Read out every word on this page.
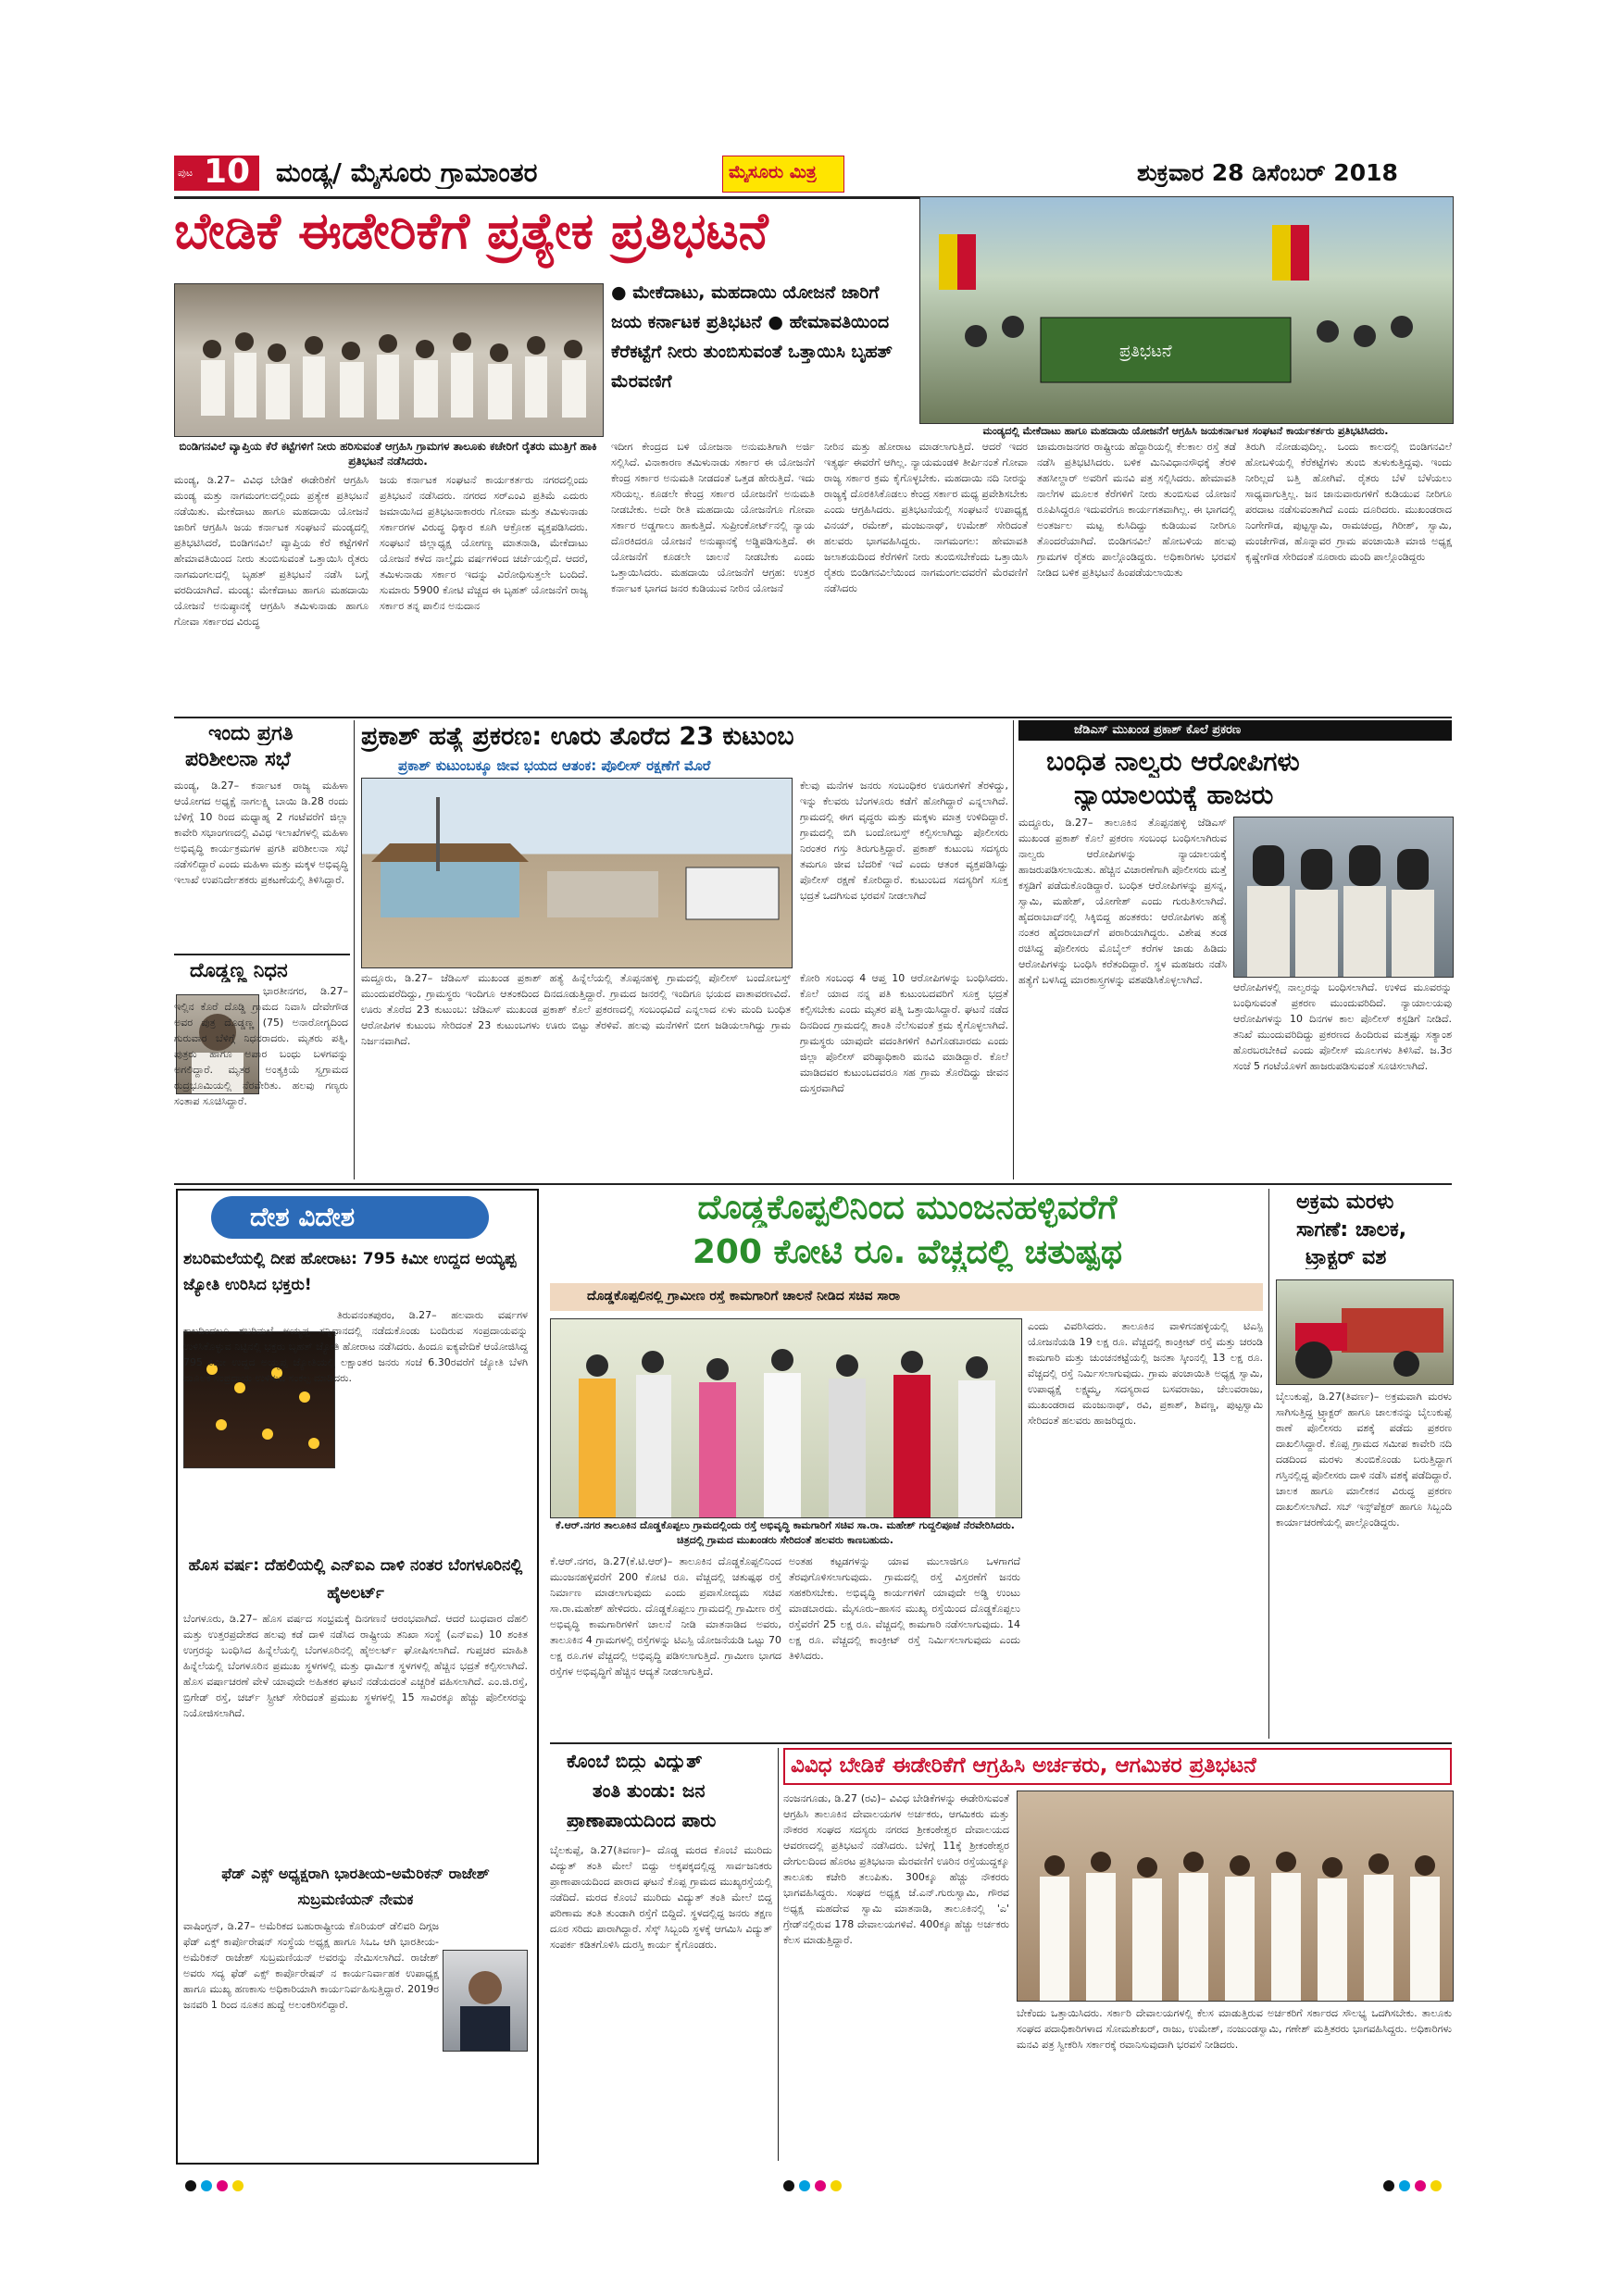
ಪುಟ 10 ಮಂಡ್ಯ/ ಮೈಸೂರು ಗ್ರಾಮಾಂತರ	ಮೈಸೂರು ಮಿತ್ರ	ಶುಕ್ರವಾರ 28 ಡಿಸೆಂಬರ್ 2018
ಬೇಡಿಕೆ ಈಡೇರಿಕೆಗೆ ಪ್ರತ್ಯೇಕ ಪ್ರತಿಭಟನೆ
ಬಿಂಡಿಗನವಿಲೆ ವ್ಯಾಪ್ತಿಯ ಕೆರೆ ಕಟ್ಟೆಗಳಿಗೆ ನೀರು ಹರಿಸುವಂತೆ ಆಗ್ರಹಿಸಿ ಗ್ರಾಮಗಳ ತಾಲೂಕು ಕಚೇರಿಗೆ ರೈತರು ಮುತ್ತಿಗೆ ಹಾಕಿ ಪ್ರತಿಭಟನೆ ನಡೆಸಿದರು.
● ಮೇಕೆದಾಟು, ಮಹದಾಯಿ ಯೋಜನೆ ಜಾರಿಗೆ ಜಯ ಕರ್ನಾಟಕ ಪ್ರತಿಭಟನೆ ● ಹೇಮಾವತಿಯಿಂದ ಕೆರೆಕಟ್ಟೆಗೆ ನೀರು ತುಂಬಿಸುವಂತೆ ಒತ್ತಾಯಿಸಿ ಬೃಹತ್ ಮೆರವಣಿಗೆ
ಪ್ರತಿಭಟನೆ
ಮಂಡ್ಯದಲ್ಲಿ ಮೇಕೆದಾಟು ಹಾಗೂ ಮಹದಾಯಿ ಯೋಜನೆಗೆ ಆಗ್ರಹಿಸಿ ಜಯಕರ್ನಾಟಕ ಸಂಘಟನೆ ಕಾರ್ಯಕರ್ತರು ಪ್ರತಿಭಟಿಸಿದರು.
ಮಂಡ್ಯ, ಡಿ.27– ವಿವಿಧ ಬೇಡಿಕೆ ಈಡೇರಿಕೆಗೆ ಆಗ್ರಹಿಸಿ ಮಂಡ್ಯ ಮತ್ತು ನಾಗಮಂಗಲದಲ್ಲಿಂದು ಪ್ರತ್ಯೇಕ ಪ್ರತಿಭಟನೆ ನಡೆಯಿತು. ಮೇಕೆದಾಟು ಹಾಗೂ ಮಹದಾಯಿ ಯೋಜನೆ ಜಾರಿಗೆ ಆಗ್ರಹಿಸಿ ಜಯ ಕರ್ನಾಟಕ ಸಂಘಟನೆ ಮಂಡ್ಯದಲ್ಲಿ ಪ್ರತಿಭಟಿಸಿದರೆ, ಬಿಂಡಿಗನವಿಲೆ ವ್ಯಾಪ್ತಿಯ ಕೆರೆ ಕಟ್ಟೆಗಳಿಗೆ ಹೇಮಾವತಿಯಿಂದ ನೀರು ತುಂಬಿಸುವಂತೆ ಒತ್ತಾಯಿಸಿ ರೈತರು ನಾಗಮಂಗಲದಲ್ಲಿ ಬೃಹತ್ ಪ್ರತಿಭಟನೆ ನಡೆಸಿ ಬಗ್ಗೆ ವರದಿಯಾಗಿದೆ. ಮಂಡ್ಯ: ಮೇಕೆದಾಟು ಹಾಗೂ ಮಹದಾಯಿ ಯೋಜನೆ ಅನುಷ್ಠಾನಕ್ಕೆ ಆಗ್ರಹಿಸಿ ತಮಿಳುನಾಡು ಹಾಗೂ ಗೋವಾ ಸರ್ಕಾರದ ವಿರುದ್ಧ
ಜಯ ಕರ್ನಾಟಕ ಸಂಘಟನೆ ಕಾರ್ಯಕರ್ತರು ನಗರದಲ್ಲಿಂದು ಪ್ರತಿಭಟನೆ ನಡೆಸಿದರು. ನಗರದ ಸರ್‌ಎಂವಿ ಪ್ರತಿಮೆ ಎದುರು ಜಮಾಯಿಸಿದ ಪ್ರತಿಭಟನಾಕಾರರು ಗೋವಾ ಮತ್ತು ತಮಿಳುನಾಡು ಸರ್ಕಾರಗಳ ವಿರುದ್ಧ ಧಿಕ್ಕಾರ ಕೂಗಿ ಆಕ್ರೋಶ ವ್ಯಕ್ತಪಡಿಸಿದರು. ಸಂಘಟನೆ ಜಿಲ್ಲಾಧ್ಯಕ್ಷ ಯೋಗಣ್ಣ ಮಾತನಾಡಿ, ಮೇಕೆದಾಟು ಯೋಜನೆ ಕಳೆದ ನಾಲ್ಕೈದು ವರ್ಷಗಳಿಂದ ಚರ್ಚೆಯಲ್ಲಿದೆ. ಆದರೆ, ತಮಿಳುನಾಡು ಸರ್ಕಾರ ಇದನ್ನು ವಿರೋಧಿಸುತ್ತಲೇ ಬಂದಿದೆ. ಸುಮಾರು 5900 ಕೋಟಿ ವೆಚ್ಚದ ಈ ಬೃಹತ್ ಯೋಜನೆಗೆ ರಾಜ್ಯ ಸರ್ಕಾರ ತನ್ನ ಪಾಲಿನ ಅನುದಾನ
ಇದೀಗ ಕೇಂದ್ರದ ಬಳಿ ಯೋಜನಾ ಅನುಮತಿಗಾಗಿ ಅರ್ಜಿ ಸಲ್ಲಿಸಿದೆ. ವಿನಾಕಾರಣ ತಮಿಳುನಾಡು ಸರ್ಕಾರ ಈ ಯೋಜನೆಗೆ ಕೇಂದ್ರ ಸರ್ಕಾರ ಅನುಮತಿ ನೀಡದಂತೆ ಒತ್ತಡ ಹೇರುತ್ತಿದೆ. ಇದು ಸರಿಯಲ್ಲ. ಕೂಡಲೇ ಕೇಂದ್ರ ಸರ್ಕಾರ ಯೋಜನೆಗೆ ಅನುಮತಿ ನೀಡಬೇಕು. ಅದೇ ರೀತಿ ಮಹದಾಯಿ ಯೋಜನೆಗೂ ಗೋವಾ ಸರ್ಕಾರ ಅಡ್ಡಗಾಲು ಹಾಕುತ್ತಿದೆ. ಸುಪ್ರೀಂಕೋರ್ಟ್‌ನಲ್ಲಿ ನ್ಯಾಯ ದೊರಕಿದರೂ ಯೋಜನೆ ಅನುಷ್ಠಾನಕ್ಕೆ ಅಡ್ಡಿಪಡಿಸುತ್ತಿದೆ. ಈ ಯೋಜನೆಗೆ ಕೂಡಲೇ ಚಾಲನೆ ನೀಡಬೇಕು ಎಂದು ಒತ್ತಾಯಿಸಿದರು. ಮಹದಾಯಿ ಯೋಜನೆಗೆ ಆಗ್ರಹ: ಉತ್ತರ ಕರ್ನಾಟಕ ಭಾಗದ ಜನರ ಕುಡಿಯುವ ನೀರಿನ ಯೋಜನೆ
ನೀರಿನ ಮತ್ತು ಹೋರಾಟ ಮಾಡಲಾಗುತ್ತಿದೆ. ಆದರೆ ಇದರ ಇತ್ಯರ್ಥ ಈವರೆಗೆ ಆಗಿಲ್ಲ. ನ್ಯಾಯಮಂಡಳಿ ತೀರ್ಪಿನಂತೆ ಗೋವಾ ರಾಜ್ಯ ಸರ್ಕಾರ ಕ್ರಮ ಕೈಗೊಳ್ಳಬೇಕು. ಮಹದಾಯಿ ನದಿ ನೀರನ್ನು ರಾಜ್ಯಕ್ಕೆ ದೊರಕಿಸಿಕೊಡಲು ಕೇಂದ್ರ ಸರ್ಕಾರ ಮಧ್ಯ ಪ್ರವೇಶಿಸಬೇಕು ಎಂದು ಆಗ್ರಹಿಸಿದರು. ಪ್ರತಿಭಟನೆಯಲ್ಲಿ ಸಂಘಟನೆ ಉಪಾಧ್ಯಕ್ಷ ವಿನಯ್, ರಮೇಶ್, ಮಂಜುನಾಥ್, ಉಮೇಶ್ ಸೇರಿದಂತೆ ಹಲವರು ಭಾಗವಹಿಸಿದ್ದರು. ನಾಗಮಂಗಲ: ಹೇಮಾವತಿ ಜಲಾಶಯದಿಂದ ಕೆರೆಗಳಿಗೆ ನೀರು ತುಂಬಿಸಬೇಕೆಂದು ಒತ್ತಾಯಿಸಿ ರೈತರು ಬಿಂಡಿಗನವಿಲೆಯಿಂದ ನಾಗಮಂಗಲದವರೆಗೆ ಮೆರವಣಿಗೆ ನಡೆಸಿದರು
ಚಾಮರಾಜನಗರ ರಾಷ್ಟ್ರೀಯ ಹೆದ್ದಾರಿಯಲ್ಲಿ ಕೆಲಕಾಲ ರಸ್ತೆ ತಡೆ ನಡೆಸಿ ಪ್ರತಿಭಟಿಸಿದರು. ಬಳಿಕ ಮಿನಿವಿಧಾನಸೌಧಕ್ಕೆ ತೆರಳಿ ತಹಸೀಲ್ದಾರ್ ಅವರಿಗೆ ಮನವಿ ಪತ್ರ ಸಲ್ಲಿಸಿದರು. ಹೇಮಾವತಿ ನಾಲೆಗಳ ಮೂಲಕ ಕೆರೆಗಳಿಗೆ ನೀರು ತುಂಬಿಸುವ ಯೋಜನೆ ರೂಪಿಸಿದ್ದರೂ ಇದುವರೆಗೂ ಕಾರ್ಯಗತವಾಗಿಲ್ಲ. ಈ ಭಾಗದಲ್ಲಿ ಅಂತರ್ಜಲ ಮಟ್ಟ ಕುಸಿದಿದ್ದು ಕುಡಿಯುವ ನೀರಿಗೂ ತೊಂದರೆಯಾಗಿದೆ. ಬಿಂಡಿಗನವಿಲೆ ಹೋಬಳಿಯ ಹಲವು ಗ್ರಾಮಗಳ ರೈತರು ಪಾಲ್ಗೊಂಡಿದ್ದರು. ಅಧಿಕಾರಿಗಳು ಭರವಸೆ ನೀಡಿದ ಬಳಿಕ ಪ್ರತಿಭಟನೆ ಹಿಂಪಡೆಯಲಾಯಿತು
ತಿರುಗಿ ನೋಡುವುದಿಲ್ಲ. ಒಂದು ಕಾಲದಲ್ಲಿ ಬಿಂಡಿಗನವಿಲೆ ಹೋಬಳಿಯಲ್ಲಿ ಕೆರೆಕಟ್ಟೆಗಳು ತುಂಬಿ ತುಳುಕುತ್ತಿದ್ದವು. ಇಂದು ನೀರಿಲ್ಲದೆ ಬತ್ತಿ ಹೋಗಿವೆ. ರೈತರು ಬೆಳೆ ಬೆಳೆಯಲು ಸಾಧ್ಯವಾಗುತ್ತಿಲ್ಲ. ಜನ ಜಾನುವಾರುಗಳಿಗೆ ಕುಡಿಯುವ ನೀರಿಗೂ ಪರದಾಟ ನಡೆಸುವಂತಾಗಿದೆ ಎಂದು ದೂರಿದರು. ಮುಖಂಡರಾದ ನಿಂಗೇಗೌಡ, ಪುಟ್ಟಸ್ವಾಮಿ, ರಾಮಚಂದ್ರ, ಗಿರೀಶ್, ಸ್ವಾಮಿ, ಮಂಜೇಗೌಡ, ಹೊನ್ನಾವರ ಗ್ರಾಮ ಪಂಚಾಯಿತಿ ಮಾಜಿ ಅಧ್ಯಕ್ಷ ಕೃಷ್ಣೇಗೌಡ ಸೇರಿದಂತೆ ನೂರಾರು ಮಂದಿ ಪಾಲ್ಗೊಂಡಿದ್ದರು
ಇಂದು ಪ್ರಗತಿ
ಪರಿಶೀಲನಾ ಸಭೆ
ಮಂಡ್ಯ, ಡಿ.27– ಕರ್ನಾಟಕ ರಾಜ್ಯ ಮಹಿಳಾ ಆಯೋಗದ ಅಧ್ಯಕ್ಷೆ ನಾಗಲಕ್ಷ್ಮಿ ಬಾಯಿ ಡಿ.28 ರಂದು ಬೆಳಿಗ್ಗೆ 10 ರಿಂದ ಮಧ್ಯಾಹ್ನ 2 ಗಂಟೆವರೆಗೆ ಜಿಲ್ಲಾ ಕಾವೇರಿ ಸಭಾಂಗಣದಲ್ಲಿ ವಿವಿಧ ಇಲಾಖೆಗಳಲ್ಲಿ ಮಹಿಳಾ ಅಭಿವೃದ್ಧಿ ಕಾರ್ಯಕ್ರಮಗಳ ಪ್ರಗತಿ ಪರಿಶೀಲನಾ ಸಭೆ ನಡೆಸಲಿದ್ದಾರೆ ಎಂದು ಮಹಿಳಾ ಮತ್ತು ಮಕ್ಕಳ ಅಭಿವೃದ್ಧಿ ಇಲಾಖೆ ಉಪನಿರ್ದೇಶಕರು ಪ್ರಕಟಣೆಯಲ್ಲಿ ತಿಳಿಸಿದ್ದಾರೆ.
ದೊಡ್ಡಣ್ಣ ನಿಧನ
ಭಾರತೀನಗರ, ಡಿ.27– ಇಲ್ಲಿನ ಕೊರೆ ದೊಡ್ಡಿ ಗ್ರಾಮದ ನಿವಾಸಿ ದೇವೇಗೌಡ ಅವರ ಪುತ್ರ ದೊಡ್ಡಣ್ಣ (75) ಅನಾರೋಗ್ಯದಿಂದ ಗುರುವಾರ ಬೆಳಿಗ್ಗೆ ನಿಧನರಾದರು. ಮೃತರು ಪತ್ನಿ, ಪುತ್ರರು ಹಾಗೂ ಅಪಾರ ಬಂಧು ಬಳಗವನ್ನು ಅಗಲಿದ್ದಾರೆ. ಮೃತರ ಅಂತ್ಯಕ್ರಿಯೆ ಸ್ವಗ್ರಾಮದ ರುದ್ರಭೂಮಿಯಲ್ಲಿ ನೆರವೇರಿತು. ಹಲವು ಗಣ್ಯರು ಸಂತಾಪ ಸೂಚಿಸಿದ್ದಾರೆ.
ಪ್ರಕಾಶ್ ಹತ್ಯೆ ಪ್ರಕರಣ: ಊರು ತೊರೆದ 23 ಕುಟುಂಬ
ಪ್ರಕಾಶ್ ಕುಟುಂಬಕ್ಕೂ ಜೀವ ಭಯದ ಆತಂಕ: ಪೊಲೀಸ್ ರಕ್ಷಣೆಗೆ ಮೊರೆ
ಮದ್ದೂರು, ಡಿ.27– ಜೆಡಿಎಸ್ ಮುಖಂಡ ಪ್ರಕಾಶ್ ಹತ್ಯೆ ಹಿನ್ನೆಲೆಯಲ್ಲಿ ತೊಪ್ಪನಹಳ್ಳಿ ಗ್ರಾಮದಲ್ಲಿ ಪೊಲೀಸ್ ಬಂದೋಬಸ್ತ್ ಮುಂದುವರೆದಿದ್ದು, ಗ್ರಾಮಸ್ಥರು ಇಂದಿಗೂ ಆತಂಕದಿಂದ ದಿನದೂಡುತ್ತಿದ್ದಾರೆ. ಗ್ರಾಮದ ಜನರಲ್ಲಿ ಇಂದಿಗೂ ಭಯದ ವಾತಾವರಣವಿದೆ. ಊರು ತೊರೆದ 23 ಕುಟುಂಬ: ಜೆಡಿಎಸ್ ಮುಖಂಡ ಪ್ರಕಾಶ್ ಕೊಲೆ ಪ್ರಕರಣದಲ್ಲಿ ಸಂಬಂಧವಿದೆ ಎನ್ನಲಾದ ಏಳು ಮಂದಿ ಬಂಧಿತ ಆರೋಪಿಗಳ ಕುಟುಂಬ ಸೇರಿದಂತೆ 23 ಕುಟುಂಬಗಳು ಊರು ಬಿಟ್ಟು ತೆರಳಿವೆ. ಹಲವು ಮನೆಗಳಿಗೆ ಬೀಗ ಜಡಿಯಲಾಗಿದ್ದು ಗ್ರಾಮ ನಿರ್ಜನವಾಗಿದೆ.
ಕೆಲವು ಮನೆಗಳ ಜನರು ಸಂಬಂಧಿಕರ ಊರುಗಳಿಗೆ ತೆರಳಿದ್ದು, ಇನ್ನು ಕೆಲವರು ಬೆಂಗಳೂರು ಕಡೆಗೆ ಹೋಗಿದ್ದಾರೆ ಎನ್ನಲಾಗಿದೆ. ಗ್ರಾಮದಲ್ಲಿ ಈಗ ವೃದ್ಧರು ಮತ್ತು ಮಕ್ಕಳು ಮಾತ್ರ ಉಳಿದಿದ್ದಾರೆ. ಗ್ರಾಮದಲ್ಲಿ ಬಿಗಿ ಬಂದೋಬಸ್ತ್ ಕಲ್ಪಿಸಲಾಗಿದ್ದು ಪೊಲೀಸರು ನಿರಂತರ ಗಸ್ತು ತಿರುಗುತ್ತಿದ್ದಾರೆ. ಪ್ರಕಾಶ್ ಕುಟುಂಬ ಸದಸ್ಯರು ತಮಗೂ ಜೀವ ಬೆದರಿಕೆ ಇದೆ ಎಂದು ಆತಂಕ ವ್ಯಕ್ತಪಡಿಸಿದ್ದು ಪೊಲೀಸ್ ರಕ್ಷಣೆ ಕೋರಿದ್ದಾರೆ. ಕುಟುಂಬದ ಸದಸ್ಯರಿಗೆ ಸೂಕ್ತ ಭದ್ರತೆ ಒದಗಿಸುವ ಭರವಸೆ ನೀಡಲಾಗಿದೆ
ಕೋರಿ ಸಂಬಂಧ 4 ಆಪ್ತ 10 ಆರೋಪಿಗಳನ್ನು ಬಂಧಿಸಿದರು. ಕೊಲೆ ಯಾದ ನನ್ನ ಪತಿ ಕುಟುಂಬದವರಿಗೆ ಸೂಕ್ತ ಭದ್ರತೆ ಕಲ್ಪಿಸಬೇಕು ಎಂದು ಮೃತರ ಪತ್ನಿ ಒತ್ತಾಯಿಸಿದ್ದಾರೆ. ಘಟನೆ ನಡೆದ ದಿನದಿಂದ ಗ್ರಾಮದಲ್ಲಿ ಶಾಂತಿ ನೆಲೆಸುವಂತೆ ಕ್ರಮ ಕೈಗೊಳ್ಳಲಾಗಿದೆ. ಗ್ರಾಮಸ್ಥರು ಯಾವುದೇ ವದಂತಿಗಳಿಗೆ ಕಿವಿಗೊಡಬಾರದು ಎಂದು ಜಿಲ್ಲಾ ಪೊಲೀಸ್ ವರಿಷ್ಠಾಧಿಕಾರಿ ಮನವಿ ಮಾಡಿದ್ದಾರೆ. ಕೊಲೆ ಮಾಡಿದವರ ಕುಟುಂಬದವರೂ ಸಹ ಗ್ರಾಮ ತೊರೆದಿದ್ದು ಜೀವನ ದುಸ್ತರವಾಗಿದೆ
ಜೆಡಿಎಸ್ ಮುಖಂಡ ಪ್ರಕಾಶ್ ಕೊಲೆ ಪ್ರಕರಣ
ಬಂಧಿತ ನಾಲ್ವರು ಆರೋಪಿಗಳು
ನ್ಯಾಯಾಲಯಕ್ಕೆ ಹಾಜರು
ಮದ್ದೂರು, ಡಿ.27– ತಾಲೂಕಿನ ತೊಪ್ಪನಹಳ್ಳಿ ಜೆಡಿಎಸ್ ಮುಖಂಡ ಪ್ರಕಾಶ್ ಕೊಲೆ ಪ್ರಕರಣ ಸಂಬಂಧ ಬಂಧಿಸಲಾಗಿರುವ ನಾಲ್ವರು ಆರೋಪಿಗಳನ್ನು ನ್ಯಾಯಾಲಯಕ್ಕೆ ಹಾಜರುಪಡಿಸಲಾಯಿತು. ಹೆಚ್ಚಿನ ವಿಚಾರಣೆಗಾಗಿ ಪೊಲೀಸರು ಮತ್ತೆ ಕಸ್ಟಡಿಗೆ ಪಡೆದುಕೊಂಡಿದ್ದಾರೆ. ಬಂಧಿತ ಆರೋಪಿಗಳನ್ನು ಪ್ರಸನ್ನ, ಸ್ವಾಮಿ, ಮಹೇಶ್, ಯೋಗೇಶ್ ಎಂದು ಗುರುತಿಸಲಾಗಿದೆ. ಹೈದರಾಬಾದ್‌ನಲ್ಲಿ ಸಿಕ್ಕಿಬಿದ್ದ ಹಂತಕರು: ಆರೋಪಿಗಳು ಹತ್ಯೆ ನಂತರ ಹೈದರಾಬಾದ್‌ಗೆ ಪರಾರಿಯಾಗಿದ್ದರು. ವಿಶೇಷ ತಂಡ ರಚಿಸಿದ್ದ ಪೊಲೀಸರು ಮೊಬೈಲ್ ಕರೆಗಳ ಜಾಡು ಹಿಡಿದು ಆರೋಪಿಗಳನ್ನು ಬಂಧಿಸಿ ಕರೆತಂದಿದ್ದಾರೆ. ಸ್ಥಳ ಮಹಜರು ನಡೆಸಿ ಹತ್ಯೆಗೆ ಬಳಸಿದ್ದ ಮಾರಕಾಸ್ತ್ರಗಳನ್ನು ವಶಪಡಿಸಿಕೊಳ್ಳಲಾಗಿದೆ.
ಆರೋಪಿಗಳಲ್ಲಿ ನಾಲ್ವರನ್ನು ಬಂಧಿಸಲಾಗಿದೆ. ಉಳಿದ ಮೂವರನ್ನು ಬಂಧಿಸುವಂತೆ ಪ್ರಕರಣ ಮುಂದುವರಿದಿದೆ. ನ್ಯಾಯಾಲಯವು ಆರೋಪಿಗಳನ್ನು 10 ದಿನಗಳ ಕಾಲ ಪೊಲೀಸ್ ಕಸ್ಟಡಿಗೆ ನೀಡಿದೆ. ತನಿಖೆ ಮುಂದುವರಿದಿದ್ದು ಪ್ರಕರಣದ ಹಿಂದಿರುವ ಮತ್ತಷ್ಟು ಸತ್ಯಾಂಶ ಹೊರಬರಬೇಕಿದೆ ಎಂದು ಪೊಲೀಸ್ ಮೂಲಗಳು ತಿಳಿಸಿವೆ. ಜ.3ರ ಸಂಜೆ 5 ಗಂಟೆಯೊಳಗೆ ಹಾಜರುಪಡಿಸುವಂತೆ ಸೂಚಿಸಲಾಗಿದೆ.
ದೇಶ ವಿದೇಶ
ಶಬರಿಮಲೆಯಲ್ಲಿ ದೀಪ ಹೋರಾಟ: 795 ಕಿಮೀ ಉದ್ದದ ಅಯ್ಯಪ್ಪ ಜ್ಯೋತಿ ಉರಿಸಿದ ಭಕ್ತರು!
ತಿರುವನಂತಪುರಂ, ಡಿ.27– ಹಲವಾರು ವರ್ಷಗಳ ಕಾಲದಿಂದಲೂ ಶಬರಿಮಲೆ ಅಯ್ಯಪ್ಪ ಸನ್ನಿಧಾನದಲ್ಲಿ ನಡೆದುಕೊಂಡು ಬಂದಿರುವ ಸಂಪ್ರದಾಯವನ್ನು ಉಳಿಸಿಕೊಳ್ಳುವ ನಿಟ್ಟಿನಲ್ಲಿ ಭಕ್ತರು ಬೃಹತ್ ಜ್ಯೋತಿ ಹೋರಾಟ ನಡೆಸಿದರು. ಹಿಂದೂ ಐಕ್ಯವೇದಿಕೆ ಆಯೋಜಿಸಿದ್ದ 795 ಕಿಮೀ ಉದ್ದದ ಅಯ್ಯಪ್ಪ ಜ್ಯೋತಿಯಲ್ಲಿ ಲಕ್ಷಾಂತರ ಜನರು ಸಂಜೆ 6.30ರವರೆಗೆ ಜ್ಯೋತಿ ಬೆಳಗಿ ಮೂಲಕ ಸಂಪ್ರದಾಯ ಉಳಿಸುವ ಸಂಕಲ್ಪ ಮಾಡಿದರು.
ಹೊಸ ವರ್ಷ: ದೆಹಲಿಯಲ್ಲಿ ಎನ್ಐಎ ದಾಳಿ ನಂತರ ಬೆಂಗಳೂರಿನಲ್ಲಿ ಹೈಅಲರ್ಟ್
ಬೆಂಗಳೂರು, ಡಿ.27– ಹೊಸ ವರ್ಷದ ಸಂಭ್ರಮಕ್ಕೆ ದಿನಗಣನೆ ಆರಂಭವಾಗಿದೆ. ಆದರೆ ಬುಧವಾರ ದೆಹಲಿ ಮತ್ತು ಉತ್ತರಪ್ರದೇಶದ ಹಲವು ಕಡೆ ದಾಳಿ ನಡೆಸಿದ ರಾಷ್ಟ್ರೀಯ ತನಿಖಾ ಸಂಸ್ಥೆ (ಎನ್ಐಎ) 10 ಶಂಕಿತ ಉಗ್ರರನ್ನು ಬಂಧಿಸಿದ ಹಿನ್ನೆಲೆಯಲ್ಲಿ ಬೆಂಗಳೂರಿನಲ್ಲಿ ಹೈಅಲರ್ಟ್ ಘೋಷಿಸಲಾಗಿದೆ. ಗುಪ್ತಚರ ಮಾಹಿತಿ ಹಿನ್ನೆಲೆಯಲ್ಲಿ ಬೆಂಗಳೂರಿನ ಪ್ರಮುಖ ಸ್ಥಳಗಳಲ್ಲಿ ಮತ್ತು ಧಾರ್ಮಿಕ ಸ್ಥಳಗಳಲ್ಲಿ ಹೆಚ್ಚಿನ ಭದ್ರತೆ ಕಲ್ಪಿಸಲಾಗಿದೆ. ಹೊಸ ವರ್ಷಾಚರಣೆ ವೇಳೆ ಯಾವುದೇ ಅಹಿತಕರ ಘಟನೆ ನಡೆಯದಂತೆ ಎಚ್ಚರಿಕೆ ವಹಿಸಲಾಗಿದೆ. ಎಂ.ಜಿ.ರಸ್ತೆ, ಬ್ರಿಗೇಡ್ ರಸ್ತೆ, ಚರ್ಚ್ ಸ್ಟ್ರೀಟ್ ಸೇರಿದಂತೆ ಪ್ರಮುಖ ಸ್ಥಳಗಳಲ್ಲಿ 15 ಸಾವಿರಕ್ಕೂ ಹೆಚ್ಚು ಪೊಲೀಸರನ್ನು ನಿಯೋಜಿಸಲಾಗಿದೆ.
ಫೆಡ್ ಎಕ್ಸ್ ಅಧ್ಯಕ್ಷರಾಗಿ ಭಾರತೀಯ-ಅಮೆರಿಕನ್ ರಾಜೇಶ್ ಸುಬ್ರಮಣಿಯನ್ ನೇಮಕ
ವಾಷಿಂಗ್ಟನ್, ಡಿ.27– ಅಮೆರಿಕದ ಬಹುರಾಷ್ಟ್ರೀಯ ಕೊರಿಯರ್ ಡೆಲಿವರಿ ದಿಗ್ಗಜ ಫೆಡ್ ಎಕ್ಸ್ ಕಾರ್ಪೊರೇಷನ್ ಸಂಸ್ಥೆಯ ಅಧ್ಯಕ್ಷ ಹಾಗೂ ಸಿಒಒ ಆಗಿ ಭಾರತೀಯ-ಅಮೆರಿಕನ್ ರಾಜೇಶ್ ಸುಬ್ರಮಣಿಯನ್ ಅವರನ್ನು ನೇಮಿಸಲಾಗಿದೆ. ರಾಜೇಶ್ ಅವರು ಸದ್ಯ ಫೆಡ್ ಎಕ್ಸ್ ಕಾರ್ಪೊರೇಷನ್ ನ ಕಾರ್ಯನಿರ್ವಾಹಕ ಉಪಾಧ್ಯಕ್ಷ ಹಾಗೂ ಮುಖ್ಯ ಹಣಕಾಸು ಅಧಿಕಾರಿಯಾಗಿ ಕಾರ್ಯನಿರ್ವಹಿಸುತ್ತಿದ್ದಾರೆ. 2019ರ ಜನವರಿ 1 ರಿಂದ ನೂತನ ಹುದ್ದೆ ಅಲಂಕರಿಸಲಿದ್ದಾರೆ.
ದೊಡ್ಡಕೊಪ್ಪಲಿನಿಂದ ಮುಂಜನಹಳ್ಳಿವರೆಗೆ
200 ಕೋಟಿ ರೂ. ವೆಚ್ಚದಲ್ಲಿ ಚತುಷ್ಪಥ
ದೊಡ್ಡಕೊಪ್ಪಲಿನಲ್ಲಿ ಗ್ರಾಮೀಣ ರಸ್ತೆ ಕಾಮಗಾರಿಗೆ ಚಾಲನೆ ನೀಡಿದ ಸಚಿವ ಸಾರಾ
ಕೆ.ಆರ್.ನಗರ ತಾಲೂಕಿನ ದೊಡ್ಡಕೊಪ್ಪಲು ಗ್ರಾಮದಲ್ಲಿಂದು ರಸ್ತೆ ಅಭಿವೃದ್ಧಿ ಕಾಮಗಾರಿಗೆ ಸಚಿವ ಸಾ.ರಾ. ಮಹೇಶ್ ಗುದ್ದಲಿಪೂಜೆ ನೆರವೇರಿಸಿದರು. ಚಿತ್ರದಲ್ಲಿ ಗ್ರಾಮದ ಮುಖಂಡರು ಸೇರಿದಂತೆ ಹಲವರು ಕಾಣಬಹುದು.
ಕೆ.ಆರ್.ನಗರ, ಡಿ.27(ಕೆ.ಟಿ.ಆರ್)– ತಾಲೂಕಿನ ದೊಡ್ಡಕೊಪ್ಪಲಿನಿಂದ ಮುಂಜನಹಳ್ಳಿವರೆಗೆ 200 ಕೋಟಿ ರೂ. ವೆಚ್ಚದಲ್ಲಿ ಚತುಷ್ಪಥ ರಸ್ತೆ ನಿರ್ಮಾಣ ಮಾಡಲಾಗುವುದು ಎಂದು ಪ್ರವಾಸೋದ್ಯಮ ಸಚಿವ ಸಾ.ರಾ.ಮಹೇಶ್ ಹೇಳಿದರು. ದೊಡ್ಡಕೊಪ್ಪಲು ಗ್ರಾಮದಲ್ಲಿ ಗ್ರಾಮೀಣ ರಸ್ತೆ ಅಭಿವೃದ್ಧಿ ಕಾಮಗಾರಿಗಳಿಗೆ ಚಾಲನೆ ನೀಡಿ ಮಾತನಾಡಿದ ಅವರು, ತಾಲೂಕಿನ 4 ಗ್ರಾಮಗಳಲ್ಲಿ ರಸ್ತೆಗಳನ್ನು ಟಿಎಸ್ಪಿ ಯೋಜನೆಯಡಿ ಒಟ್ಟು 70 ಲಕ್ಷ ರೂ.ಗಳ ವೆಚ್ಚದಲ್ಲಿ ಅಭಿವೃದ್ಧಿ ಪಡಿಸಲಾಗುತ್ತಿದೆ. ಗ್ರಾಮೀಣ ಭಾಗದ ರಸ್ತೆಗಳ ಅಭಿವೃದ್ಧಿಗೆ ಹೆಚ್ಚಿನ ಆದ್ಯತೆ ನೀಡಲಾಗುತ್ತಿದೆ.
ಅಂತಹ ಕಟ್ಟಡಗಳನ್ನು ಯಾವ ಮುಲಾಜಿಗೂ ಒಳಗಾಗದೆ ತೆರವುಗೊಳಿಸಲಾಗುವುದು. ಗ್ರಾಮದಲ್ಲಿ ರಸ್ತೆ ವಿಸ್ತರಣೆಗೆ ಜನರು ಸಹಕರಿಸಬೇಕು. ಅಭಿವೃದ್ಧಿ ಕಾರ್ಯಗಳಿಗೆ ಯಾವುದೇ ಅಡ್ಡಿ ಉಂಟು ಮಾಡಬಾರದು. ಮೈಸೂರು–ಹಾಸನ ಮುಖ್ಯ ರಸ್ತೆಯಿಂದ ದೊಡ್ಡಕೊಪ್ಪಲು ರಸ್ತೆವರೆಗೆ 25 ಲಕ್ಷ ರೂ. ವೆಚ್ಚದಲ್ಲಿ ಕಾಮಗಾರಿ ನಡೆಸಲಾಗುವುದು. 14 ಲಕ್ಷ ರೂ. ವೆಚ್ಚದಲ್ಲಿ ಕಾಂಕ್ರೀಟ್ ರಸ್ತೆ ನಿರ್ಮಿಸಲಾಗುವುದು ಎಂದು ತಿಳಿಸಿದರು.
ಎಂದು ವಿವರಿಸಿದರು. ತಾಲೂಕಿನ ವಾಳಿಗನಹಳ್ಳಿಯಲ್ಲಿ ಟಿಎಸ್ಪಿ ಯೋಜನೆಯಡಿ 19 ಲಕ್ಷ ರೂ. ವೆಚ್ಚದಲ್ಲಿ ಕಾಂಕ್ರೀಟ್ ರಸ್ತೆ ಮತ್ತು ಚರಂಡಿ ಕಾಮಗಾರಿ ಮತ್ತು ಚುಂಚನಕಟ್ಟೆಯಲ್ಲಿ ಜನತಾ ಸ್ಕೀಂನಲ್ಲಿ 13 ಲಕ್ಷ ರೂ. ವೆಚ್ಚದಲ್ಲಿ ರಸ್ತೆ ನಿರ್ಮಿಸಲಾಗುವುದು. ಗ್ರಾಮ ಪಂಚಾಯಿತಿ ಅಧ್ಯಕ್ಷ ಸ್ವಾಮಿ, ಉಪಾಧ್ಯಕ್ಷೆ ಲಕ್ಷ್ಮಮ್ಮ, ಸದಸ್ಯರಾದ ಬಸವರಾಜು, ಚೆಲುವರಾಜು, ಮುಖಂಡರಾದ ಮಂಜುನಾಥ್, ರವಿ, ಪ್ರಕಾಶ್, ಶಿವಣ್ಣ, ಪುಟ್ಟಸ್ವಾಮಿ ಸೇರಿದಂತೆ ಹಲವರು ಹಾಜರಿದ್ದರು.
ಅಕ್ರಮ ಮರಳು
ಸಾಗಣೆ: ಚಾಲಕ,
ಟ್ರ್ಯಾಕ್ಟರ್ ವಶ
ಬೈಲುಕುಪ್ಪೆ, ಡಿ.27(ತಿವರ್ಣ)– ಅಕ್ರಮವಾಗಿ ಮರಳು ಸಾಗಿಸುತ್ತಿದ್ದ ಟ್ರ್ಯಾಕ್ಟರ್ ಹಾಗೂ ಚಾಲಕನನ್ನು ಬೈಲುಕುಪ್ಪೆ ಠಾಣೆ ಪೊಲೀಸರು ವಶಕ್ಕೆ ಪಡೆದು ಪ್ರಕರಣ ದಾಖಲಿಸಿದ್ದಾರೆ. ಕೊಪ್ಪ ಗ್ರಾಮದ ಸಮೀಪ ಕಾವೇರಿ ನದಿ ದಡದಿಂದ ಮರಳು ತುಂಬಿಕೊಂಡು ಬರುತ್ತಿದ್ದಾಗ ಗಸ್ತಿನಲ್ಲಿದ್ದ ಪೊಲೀಸರು ದಾಳಿ ನಡೆಸಿ ವಶಕ್ಕೆ ಪಡೆದಿದ್ದಾರೆ. ಚಾಲಕ ಹಾಗೂ ಮಾಲೀಕನ ವಿರುದ್ಧ ಪ್ರಕರಣ ದಾಖಲಿಸಲಾಗಿದೆ. ಸಬ್ ಇನ್ಸ್‌ಪೆಕ್ಟರ್ ಹಾಗೂ ಸಿಬ್ಬಂದಿ ಕಾರ್ಯಾಚರಣೆಯಲ್ಲಿ ಪಾಲ್ಗೊಂಡಿದ್ದರು.
ಕೊಂಬೆ ಬಿದ್ದು ವಿದ್ಯುತ್
ತಂತಿ ತುಂಡು: ಜನ
ಪ್ರಾಣಾಪಾಯದಿಂದ ಪಾರು
ಬೈಲಕುಪ್ಪೆ, ಡಿ.27(ತಿವರ್ಣ)– ದೊಡ್ಡ ಮರದ ಕೊಂಬೆ ಮುರಿದು ವಿದ್ಯುತ್ ತಂತಿ ಮೇಲೆ ಬಿದ್ದು ಅಕ್ಕಪಕ್ಕದಲ್ಲಿದ್ದ ಸಾರ್ವಜನಿಕರು ಪ್ರಾಣಾಪಾಯದಿಂದ ಪಾರಾದ ಘಟನೆ ಕೊಪ್ಪ ಗ್ರಾಮದ ಮುಖ್ಯರಸ್ತೆಯಲ್ಲಿ ನಡೆದಿದೆ. ಮರದ ಕೊಂಬೆ ಮುರಿದು ವಿದ್ಯುತ್ ತಂತಿ ಮೇಲೆ ಬಿದ್ದ ಪರಿಣಾಮ ತಂತಿ ತುಂಡಾಗಿ ರಸ್ತೆಗೆ ಬಿದ್ದಿದೆ. ಸ್ಥಳದಲ್ಲಿದ್ದ ಜನರು ತಕ್ಷಣ ದೂರ ಸರಿದು ಪಾರಾಗಿದ್ದಾರೆ. ಸೆಸ್ಕ್ ಸಿಬ್ಬಂದಿ ಸ್ಥಳಕ್ಕೆ ಆಗಮಿಸಿ ವಿದ್ಯುತ್ ಸಂಪರ್ಕ ಕಡಿತಗೊಳಿಸಿ ದುರಸ್ತಿ ಕಾರ್ಯ ಕೈಗೊಂಡರು.
ವಿವಿಧ ಬೇಡಿಕೆ ಈಡೇರಿಕೆಗೆ ಆಗ್ರಹಿಸಿ ಅರ್ಚಕರು, ಆಗಮಿಕರ ಪ್ರತಿಭಟನೆ
ನಂಜನಗೂಡು, ಡಿ.27 (ರವಿ)– ವಿವಿಧ ಬೇಡಿಕೆಗಳನ್ನು ಈಡೇರಿಸುವಂತೆ ಆಗ್ರಹಿಸಿ ತಾಲೂಕಿನ ದೇವಾಲಯಗಳ ಅರ್ಚಕರು, ಆಗಮಿಕರು ಮತ್ತು ನೌಕರರ ಸಂಘದ ಸದಸ್ಯರು ನಗರದ ಶ್ರೀಕಂಠೇಶ್ವರ ದೇವಾಲಯದ ಆವರಣದಲ್ಲಿ ಪ್ರತಿಭಟನೆ ನಡೆಸಿದರು. ಬೆಳಿಗ್ಗೆ 11ಕ್ಕೆ ಶ್ರೀಕಂಠೇಶ್ವರ ದೇಗುಲದಿಂದ ಹೊರಟ ಪ್ರತಿಭಟನಾ ಮೆರವಣಿಗೆ ಊರಿನ ರಸ್ತೆಯುದ್ದಕ್ಕೂ ತಾಲೂಕು ಕಚೇರಿ ತಲುಪಿತು. 300ಕ್ಕೂ ಹೆಚ್ಚು ನೌಕರರು ಭಾಗವಹಿಸಿದ್ದರು. ಸಂಘದ ಅಧ್ಯಕ್ಷ ಜೆ.ಎನ್.ಗುರುಸ್ವಾಮಿ, ಗೌರವ ಅಧ್ಯಕ್ಷ ಮಹದೇವ ಸ್ವಾಮಿ ಮಾತನಾಡಿ, ತಾಲೂಕಿನಲ್ಲಿ 'ಎ' ಗ್ರೇಡ್‌ನಲ್ಲಿರುವ 178 ದೇವಾಲಯಗಳಿವೆ. 400ಕ್ಕೂ ಹೆಚ್ಚು ಅರ್ಚಕರು ಕೆಲಸ ಮಾಡುತ್ತಿದ್ದಾರೆ.
ಬೇಕೆಂದು ಒತ್ತಾಯಿಸಿದರು. ಸರ್ಕಾರಿ ದೇವಾಲಯಗಳಲ್ಲಿ ಕೆಲಸ ಮಾಡುತ್ತಿರುವ ಅರ್ಚಕರಿಗೆ ಸರ್ಕಾರದ ಸೌಲಭ್ಯ ಒದಗಿಸಬೇಕು. ತಾಲೂಕು ಸಂಘದ ಪದಾಧಿಕಾರಿಗಳಾದ ಸೋಮಶೇಖರ್, ರಾಜು, ಉಮೇಶ್, ನಂಜುಂಡಸ್ವಾಮಿ, ಗಣೇಶ್ ಮತ್ತಿತರರು ಭಾಗವಹಿಸಿದ್ದರು. ಅಧಿಕಾರಿಗಳು ಮನವಿ ಪತ್ರ ಸ್ವೀಕರಿಸಿ ಸರ್ಕಾರಕ್ಕೆ ರವಾನಿಸುವುದಾಗಿ ಭರವಸೆ ನೀಡಿದರು.
